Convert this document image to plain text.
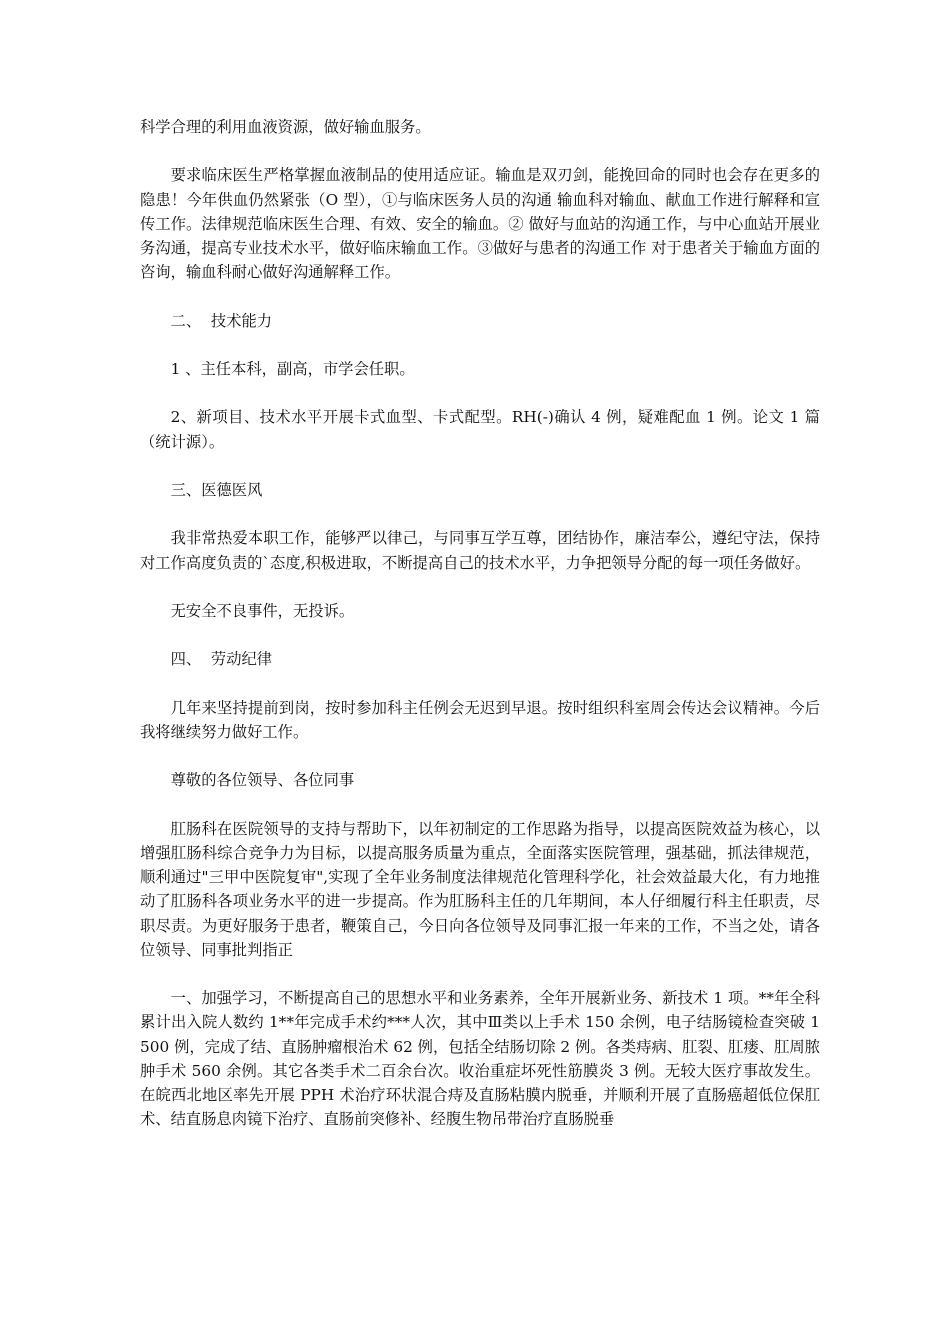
科学合理的利用血液资源，做好输血服务。

要求临床医生严格掌握血液制品的使用适应证。输血是双刃剑，能挽回命的同时也会存在更多的隐患！今年供血仍然紧张（O 型），①与临床医务人员的沟通 输血科对输血、献血工作进行解释和宣传工作。法律规范临床医生合理、有效、安全的输血。② 做好与血站的沟通工作，与中心血站开展业务沟通，提高专业技术水平，做好临床输血工作。③做好与患者的沟通工作 对于患者关于输血方面的咨询，输血科耐心做好沟通解释工作。

二、  技术能力

1 、主任本科，副高，市学会任职。

2、新项目、技术水平开展卡式血型、卡式配型。RH(-)确认 4 例，疑难配血 1 例。论文 1 篇（统计源）。

三、医德医风

我非常热爱本职工作，能够严以律己，与同事互学互尊，团结协作，廉洁奉公，遵纪守法，保持对工作高度负责的`态度,积极进取，不断提高自己的技术水平，力争把领导分配的每一项任务做好。

无安全不良事件，无投诉。

四、  劳动纪律

几年来坚持提前到岗，按时参加科主任例会无迟到早退。按时组织科室周会传达会议精神。今后我将继续努力做好工作。

尊敬的各位领导、各位同事

肛肠科在医院领导的支持与帮助下，以年初制定的工作思路为指导，以提高医院效益为核心，以增强肛肠科综合竞争力为目标，以提高服务质量为重点，全面落实医院管理，强基础，抓法律规范，顺利通过"三甲中医院复审",实现了全年业务制度法律规范化管理科学化，社会效益最大化，有力地推动了肛肠科各项业务水平的进一步提高。作为肛肠科主任的几年期间，本人仔细履行科主任职责，尽职尽责。为更好服务于患者，鞭策自己，今日向各位领导及同事汇报一年来的工作，不当之处，请各位领导、同事批判指正

一、加强学习，不断提高自己的思想水平和业务素养，全年开展新业务、新技术 1 项。**年全科累计出入院人数约 1**年完成手术约***人次，其中Ⅲ类以上手术 150 余例，电子结肠镜检查突破 1500 例，完成了结、直肠肿瘤根治术 62 例，包括全结肠切除 2 例。各类痔病、肛裂、肛瘘、肛周脓肿手术 560 余例。其它各类手术二百余台次。收治重症坏死性筋膜炎 3 例。无较大医疗事故发生。在皖西北地区率先开展 PPH 术治疗环状混合痔及直肠粘膜内脱垂，并顺利开展了直肠癌超低位保肛术、结直肠息肉镜下治疗、直肠前突修补、经腹生物吊带治疗直肠脱垂
